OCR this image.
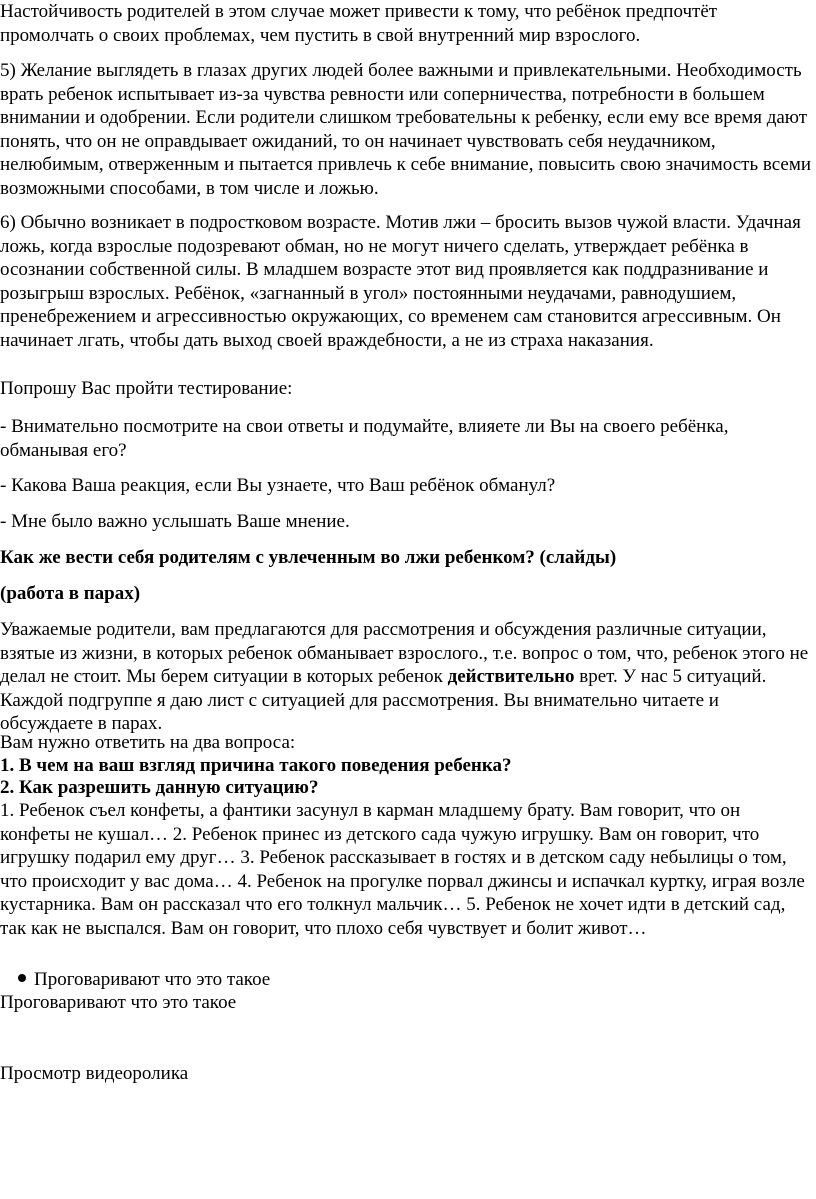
Настойчивость родителей в этом случае может привести к тому, что ребёнок предпочтёт промолчать о своих проблемах, чем пустить в свой внутренний мир взрослого.

5) Желание выглядеть в глазах других людей более важными и привлекательными. Необходимость врать ребенок испытывает из-за чувства ревности или соперничества, потребности в большем внимании и одобрении. Если родители слишком требовательны к ребенку, если ему все время дают понять, что он не оправдывает ожиданий, то он начинает чувствовать себя неудачником, нелюбимым, отверженным и пытается привлечь к себе внимание, повысить свою значимость всеми возможными способами, в том числе и ложью.

6) Обычно возникает в подростковом возрасте. Мотив лжи – бросить вызов чужой власти. Удачная ложь, когда взрослые подозревают обман, но не могут ничего сделать, утверждает ребёнка в осознании собственной силы. В младшем возрасте этот вид проявляется как поддразнивание и розыгрыш взрослых. Ребёнок, «загнанный в угол» постоянными неудачами, равнодушием, пренебрежением и агрессивностью окружающих, со временем сам становится агрессивным. Он начинает лгать, чтобы дать выход своей враждебности, а не из страха наказания.

Попрошу Вас пройти тестирование:

- Внимательно посмотрите на свои ответы и подумайте, влияете ли Вы на своего ребёнка, обманывая его?

- Какова Ваша реакция, если Вы узнаете, что Ваш ребёнок обманул?

- Мне было важно услышать Ваше мнение.

Как же вести себя родителям с увлеченным во лжи ребенком? (слайды)

(работа в парах)

Уважаемые родители, вам предлагаются для рассмотрения и обсуждения различные ситуации, взятые из жизни, в которых ребенок обманывает взрослого., т.е. вопрос о том, что, ребенок этого не делал не стоит. Мы берем ситуации в которых ребенок действительно врет. У нас 5 ситуаций. Каждой подгруппе я даю лист с ситуацией для рассмотрения. Вы внимательно читаете и обсуждаете в парах.

Вам нужно ответить на два вопроса:

1. В чем на ваш взгляд причина такого поведения ребенка?

2. Как разрешить данную ситуацию?

1. Ребенок съел конфеты, а фантики засунул в карман младшему брату. Вам говорит, что он конфеты не кушал… 2. Ребенок принес из детского сада чужую игрушку. Вам он говорит, что игрушку подарил ему друг… 3. Ребенок рассказывает в гостях и в детском саду небылицы о том, что происходит у вас дома… 4. Ребенок на прогулке порвал джинсы и испачкал куртку, играя возле кустарника. Вам он рассказал что его толкнул мальчик… 5. Ребенок не хочет идти в детский сад, так как не выспался. Вам он говорит, что плохо себя чувствует и болит живот…

Проговаривают что это такое

Проговаривают что это такое

Просмотр видеоролика
